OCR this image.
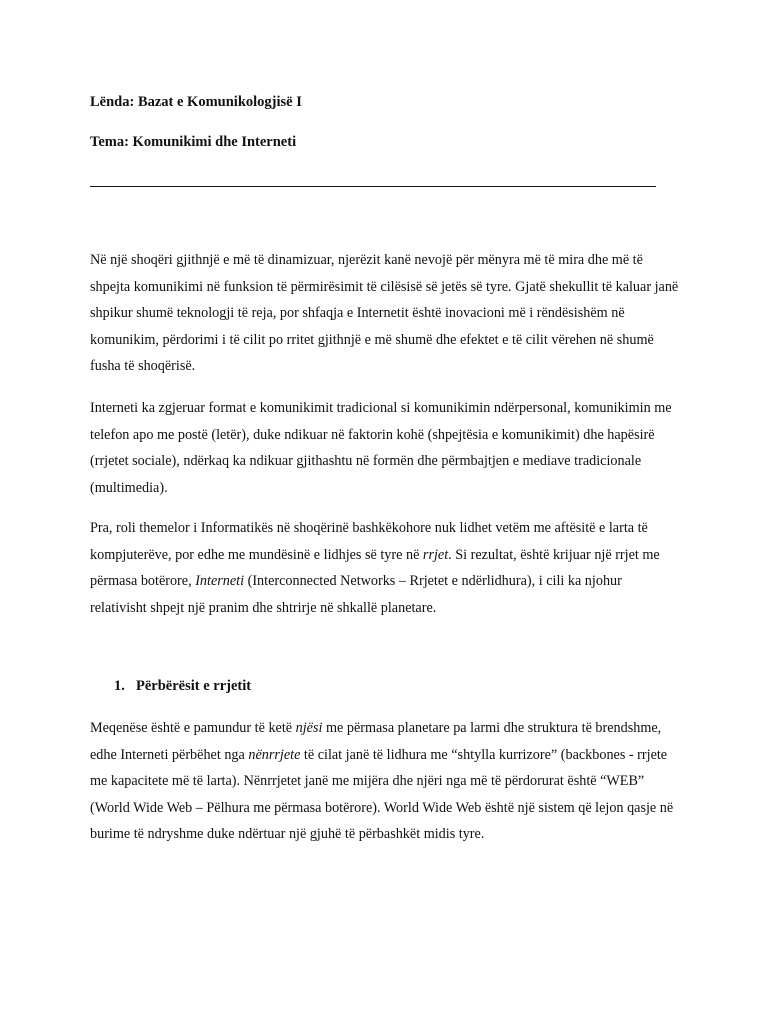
Lënda: Bazat e Komunikologjisë I
Tema: Komunikimi dhe Interneti

Në një shoqëri gjithnjë e më të dinamizuar, njerëzit kanë nevojë për mënyra më të mira dhe më të shpejta komunikimi në funksion të përmirësimit të cilësisë së jetës së tyre. Gjatë shekullit të kaluar janë shpikur shumë teknologji të reja, por shfaqja e Internetit është inovacioni më i rëndësishëm në komunikim, përdorimi i të cilit po rritet gjithnjë e më shumë dhe efektet e të cilit vërehen në shumë fusha të shoqërisë.

Interneti ka zgjeruar format e komunikimit tradicional si komunikimin ndërpersonal, komunikimin me telefon apo me postë (letër), duke ndikuar në faktorin kohë (shpejtësia e komunikimit) dhe hapësirë (rrjetet sociale), ndërkaq ka ndikuar gjithashtu në formën dhe përmbajtjen e mediave tradicionale (multimedia).

Pra, roli themelor i Informatikës në shoqërinë bashkëkohore nuk lidhet vetëm me aftësitë e larta të kompjuterëve, por edhe me mundësinë e lidhjes së tyre në rrjet. Si rezultat, është krijuar një rrjet me përmasa botërore, Interneti (Interconnected Networks – Rrjetet e ndërlidhura), i cili ka njohur relativisht shpejt një pranim dhe shtrirje në shkallë planetare.

1. Përbërësit e rrjetit

Meqenëse është e pamundur të ketë njësi me përmasa planetare pa larmi dhe struktura të brendshme, edhe Interneti përbëhet nga nënrrjete të cilat janë të lidhura me “shtylla kurrizore” (backbones - rrjete me kapacitete më të larta). Nënrrjetet janë me mijëra dhe njëri nga më të përdorurat është “WEB” (World Wide Web – Pëlhura me përmasa botërore). World Wide Web është një sistem që lejon qasje në burime të ndryshme duke ndërtuar një gjuhë të përbashkët midis tyre.
